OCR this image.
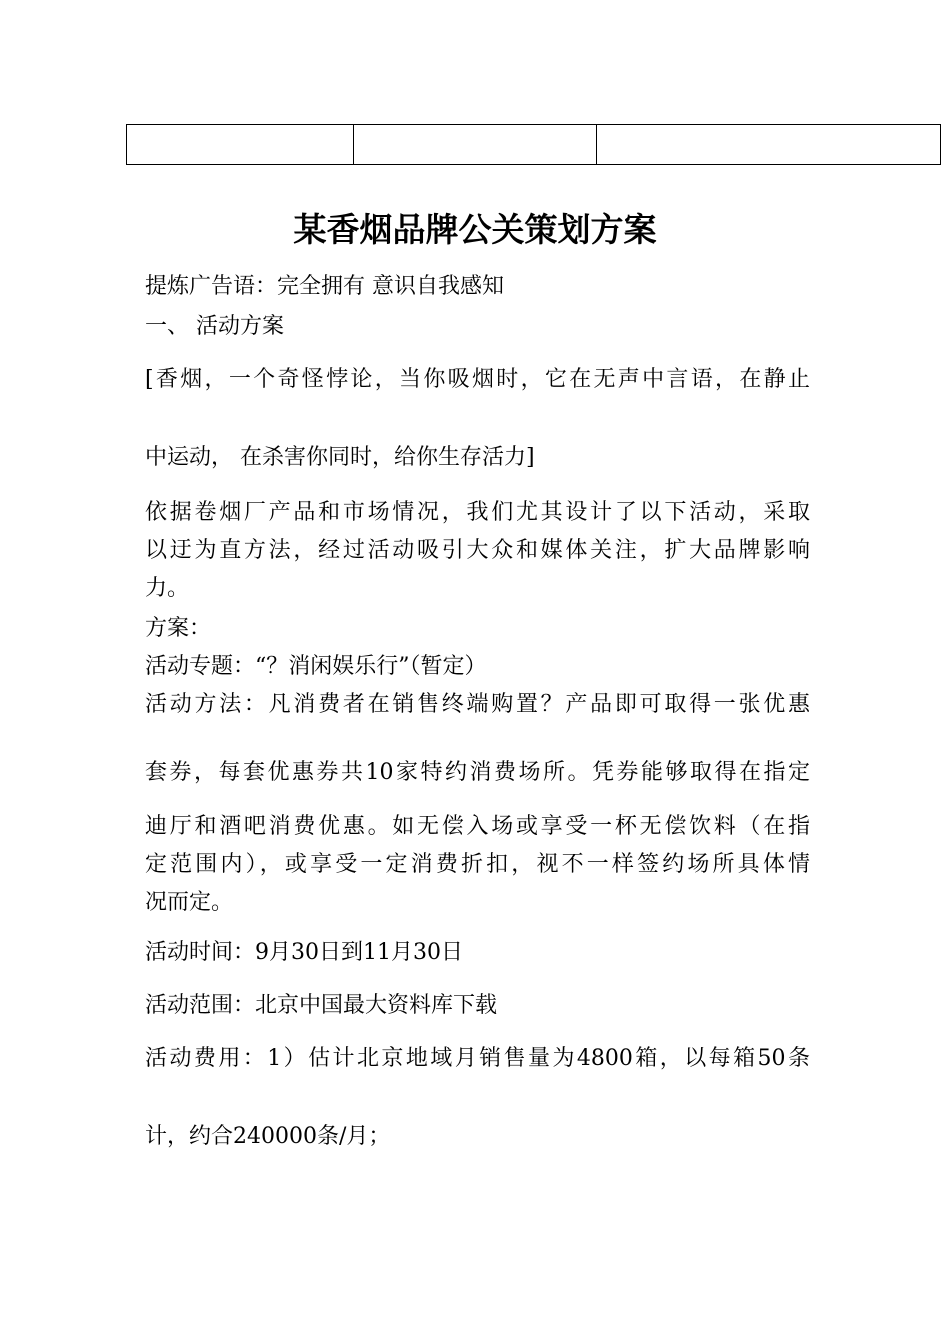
某香烟品牌公关策划方案

提炼广告语：完全拥有 意识自我感知

一、 活动方案

[香烟，一个奇怪悖论，当你吸烟时，它在无声中言语，在静止

中运动， 在杀害你同时，给你生存活力]

依据卷烟厂产品和市场情况，我们尤其设计了以下活动，采取

以迂为直方法，经过活动吸引大众和媒体关注，扩大品牌影响

力。

方案：

活动专题：“？消闲娱乐行”（暂定）

活动方法：凡消费者在销售终端购置？产品即可取得一张优惠

套券，每套优惠券共10家特约消费场所。凭券能够取得在指定

迪厅和酒吧消费优惠。如无偿入场或享受一杯无偿饮料（在指

定范围内），或享受一定消费折扣，视不一样签约场所具体情

况而定。

活动时间：9月30日到11月30日

活动范围：北京中国最大资料库下载

活动费用：1）估计北京地域月销售量为4800箱，以每箱50条

计，约合240000条/月；
